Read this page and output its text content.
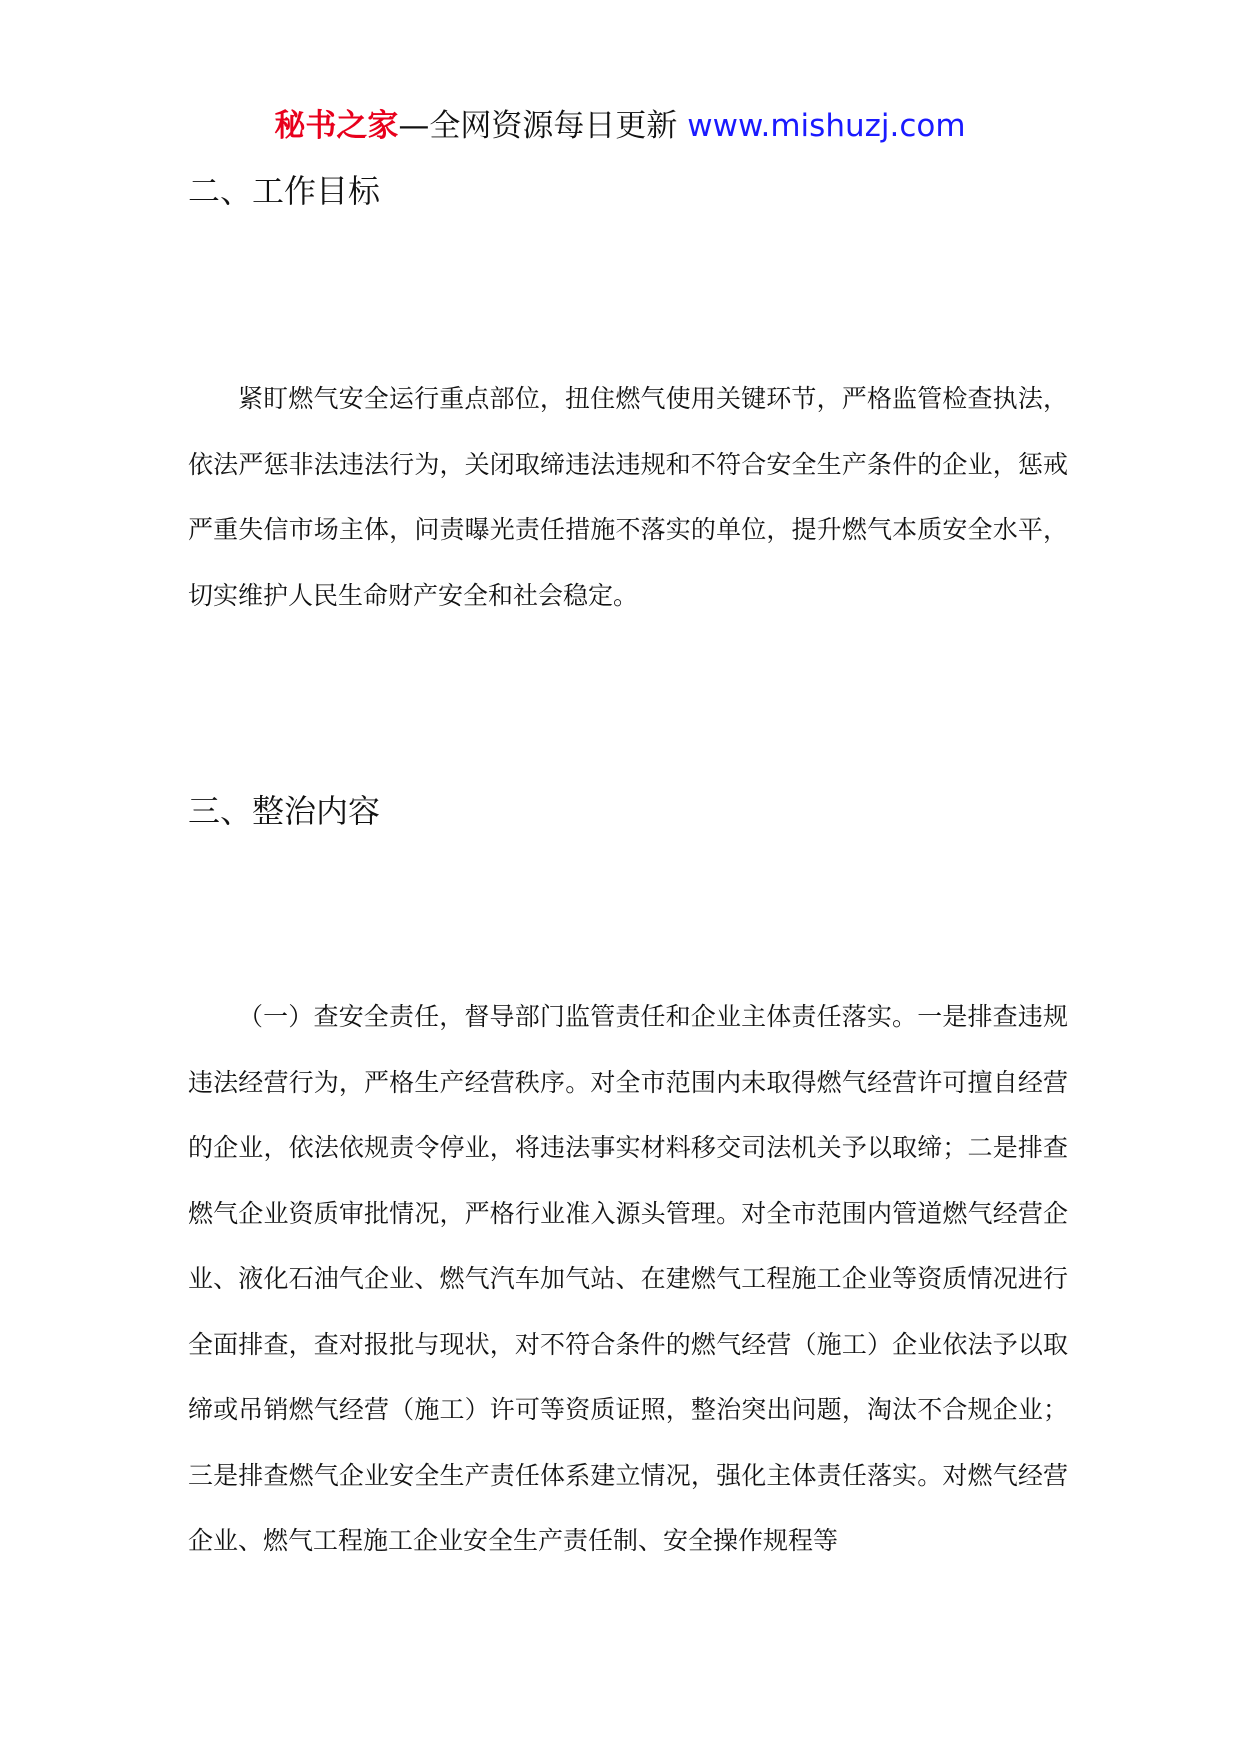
秘书之家—全网资源每日更新 www.mishuzj.com
二、工作目标

紧盯燃气安全运行重点部位，扭住燃气使用关键环节，严格监管检查执法，依法严惩非法违法行为，关闭取缔违法违规和不符合安全生产条件的企业，惩戒严重失信市场主体，问责曝光责任措施不落实的单位，提升燃气本质安全水平，切实维护人民生命财产安全和社会稳定。

三、整治内容

（一）查安全责任，督导部门监管责任和企业主体责任落实。一是排查违规违法经营行为，严格生产经营秩序。对全市范围内未取得燃气经营许可擅自经营的企业，依法依规责令停业，将违法事实材料移交司法机关予以取缔；二是排查燃气企业资质审批情况，严格行业准入源头管理。对全市范围内管道燃气经营企业、液化石油气企业、燃气汽车加气站、在建燃气工程施工企业等资质情况进行全面排查，查对报批与现状，对不符合条件的燃气经营（施工）企业依法予以取缔或吊销燃气经营（施工）许可等资质证照，整治突出问题，淘汰不合规企业；三是排查燃气企业安全生产责任体系建立情况，强化主体责任落实。对燃气经营企业、燃气工程施工企业安全生产责任制、安全操作规程等
